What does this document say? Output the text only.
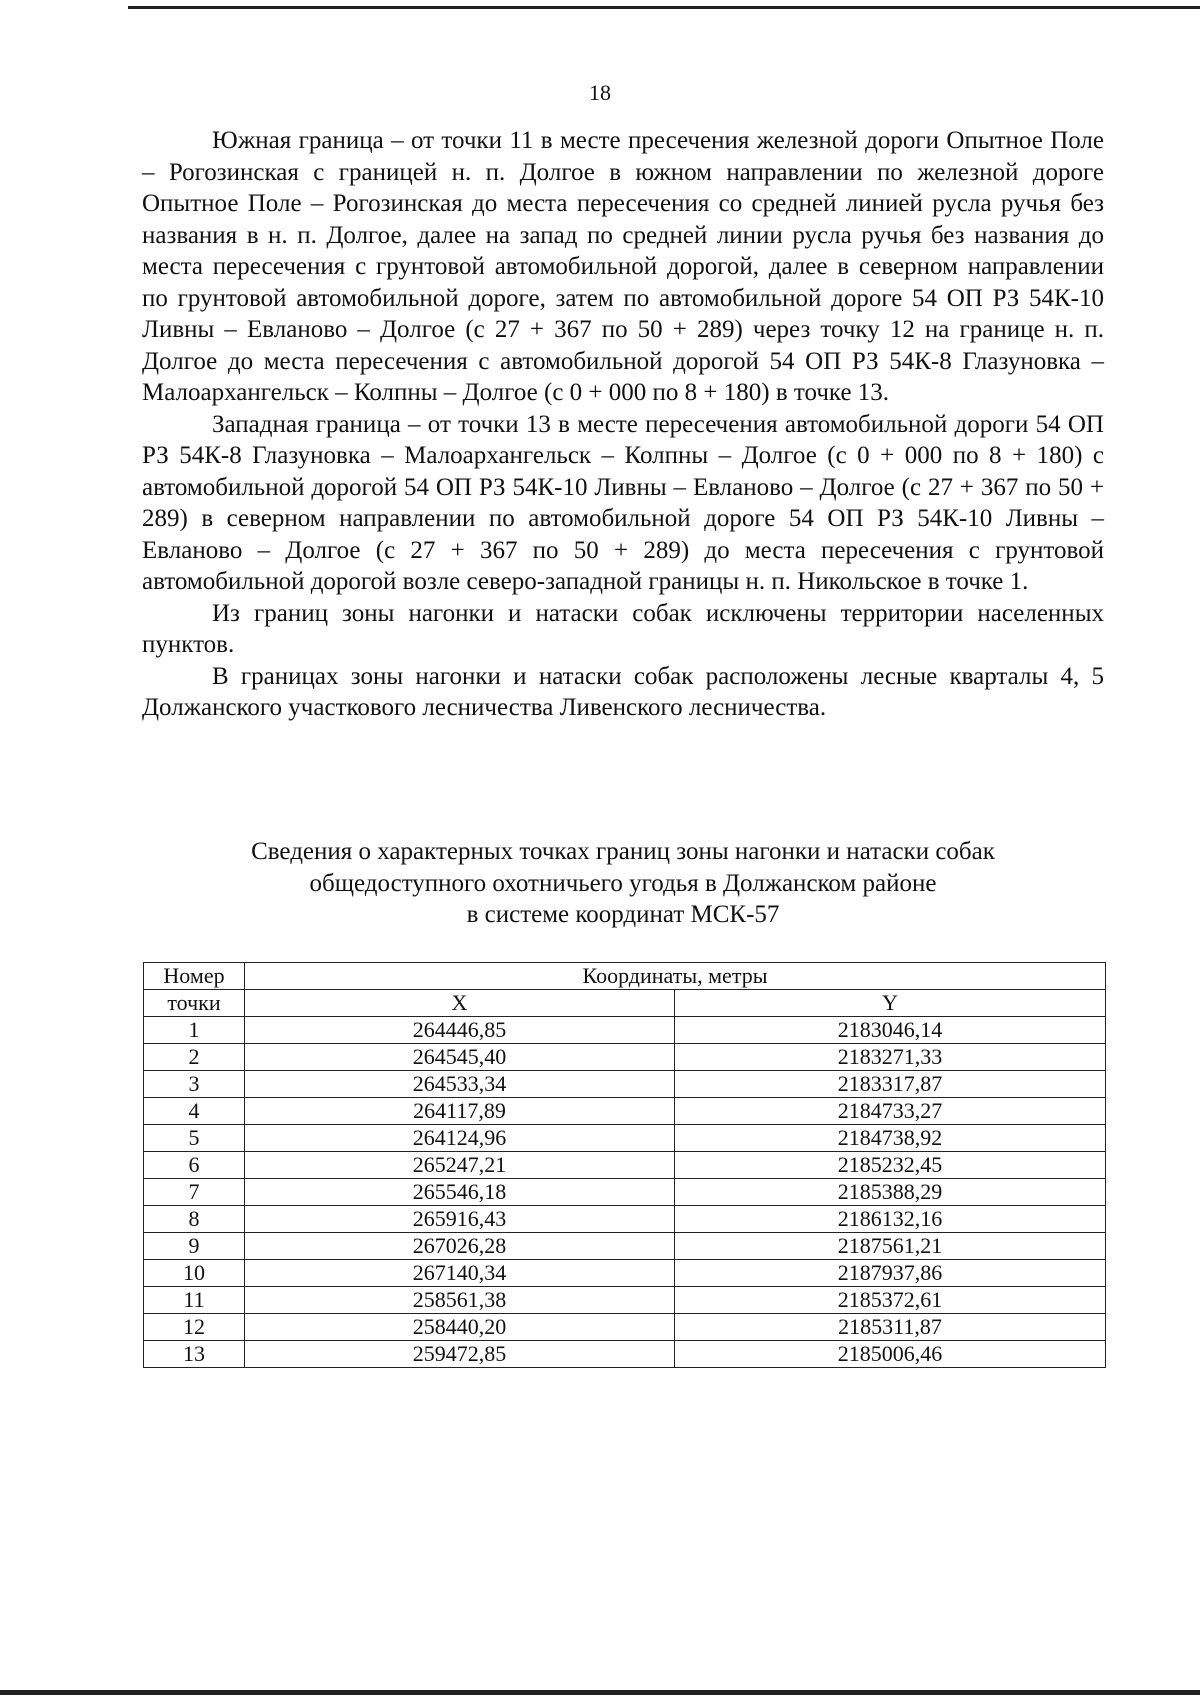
18

Южная граница – от точки 11 в месте пресечения железной дороги Опытное Поле – Рогозинская с границей н. п. Долгое в южном направлении по железной дороге Опытное Поле – Рогозинская до места пересечения со средней линией русла ручья без названия в н. п. Долгое, далее на запад по средней линии русла ручья без названия до места пересечения с грунтовой автомобильной дорогой, далее в северном направлении по грунтовой автомобильной дороге, затем по автомобильной дороге 54 ОП РЗ 54К-10 Ливны – Евланово – Долгое (с 27 + 367 по 50 + 289) через точку 12 на границе н. п. Долгое до места пересечения с автомобильной дорогой 54 ОП РЗ 54К-8 Глазуновка – Малоархангельск – Колпны – Долгое (с 0 + 000 по 8 + 180) в точке 13.

Западная граница – от точки 13 в месте пересечения автомобильной дороги 54 ОП РЗ 54К-8 Глазуновка – Малоархангельск – Колпны – Долгое (с 0 + 000 по 8 + 180) с автомобильной дорогой 54 ОП РЗ 54К-10 Ливны – Евланово – Долгое (с 27 + 367 по 50 + 289) в северном направлении по автомобильной дороге 54 ОП РЗ 54К-10 Ливны – Евланово – Долгое (с 27 + 367 по 50 + 289) до места пересечения с грунтовой автомобильной дорогой возле северо-западной границы н. п. Никольское в точке 1.

Из границ зоны нагонки и натаски собак исключены территории населенных пунктов.

В границах зоны нагонки и натаски собак расположены лесные кварталы 4, 5 Должанского участкового лесничества Ливенского лесничества.

Сведения о характерных точках границ зоны нагонки и натаски собак
общедоступного охотничьего угодья в Должанском районе
в системе координат МСК-57
Номер	Координаты, метры	
точки	X	Y
1	264446,85	2183046,14
2	264545,40	2183271,33
3	264533,34	2183317,87
4	264117,89	2184733,27
5	264124,96	2184738,92
6	265247,21	2185232,45
7	265546,18	2185388,29
8	265916,43	2186132,16
9	267026,28	2187561,21
10	267140,34	2187937,86
11	258561,38	2185372,61
12	258440,20	2185311,87
13	259472,85	2185006,46
